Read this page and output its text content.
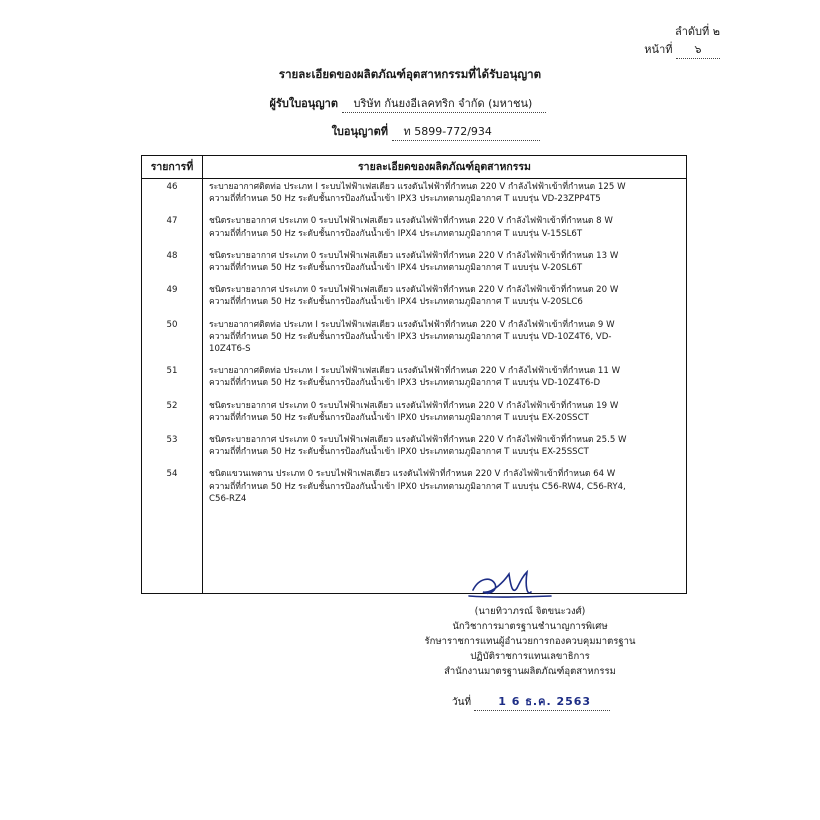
ลำดับที่ ๒
หน้าที่ ๖
รายละเอียดของผลิตภัณฑ์อุตสาหกรรมที่ได้รับอนุญาต
ผู้รับใบอนุญาต บริษัท กันยงอีเลคทริก จำกัด (มหาชน)
ใบอนุญาตที่ ท 5899-772/934
รายการที่	รายละเอียดของผลิตภัณฑ์อุตสาหกรรม
46	ระบายอากาศติดท่อ ประเภท I ระบบไฟฟ้าเฟสเดียว แรงดันไฟฟ้าที่กำหนด 220 V กำลังไฟฟ้าเข้าที่กำหนด 125 W
ความถี่ที่กำหนด 50 Hz ระดับชั้นการป้องกันน้ำเข้า IPX3 ประเภทตามภูมิอากาศ T แบบรุ่น VD-23ZPP4T5

47	ชนิดระบายอากาศ ประเภท 0 ระบบไฟฟ้าเฟสเดียว แรงดันไฟฟ้าที่กำหนด 220 V กำลังไฟฟ้าเข้าที่กำหนด 8 W
ความถี่ที่กำหนด 50 Hz ระดับชั้นการป้องกันน้ำเข้า IPX4 ประเภทตามภูมิอากาศ T แบบรุ่น V-15SL6T

48	ชนิดระบายอากาศ ประเภท 0 ระบบไฟฟ้าเฟสเดียว แรงดันไฟฟ้าที่กำหนด 220 V กำลังไฟฟ้าเข้าที่กำหนด 13 W
ความถี่ที่กำหนด 50 Hz ระดับชั้นการป้องกันน้ำเข้า IPX4 ประเภทตามภูมิอากาศ T แบบรุ่น V-20SL6T

49	ชนิดระบายอากาศ ประเภท 0 ระบบไฟฟ้าเฟสเดียว แรงดันไฟฟ้าที่กำหนด 220 V กำลังไฟฟ้าเข้าที่กำหนด 20 W
ความถี่ที่กำหนด 50 Hz ระดับชั้นการป้องกันน้ำเข้า IPX4 ประเภทตามภูมิอากาศ T แบบรุ่น V-20SLC6

50	ระบายอากาศติดท่อ ประเภท I ระบบไฟฟ้าเฟสเดียว แรงดันไฟฟ้าที่กำหนด 220 V กำลังไฟฟ้าเข้าที่กำหนด 9 W
ความถี่ที่กำหนด 50 Hz ระดับชั้นการป้องกันน้ำเข้า IPX3 ประเภทตามภูมิอากาศ T แบบรุ่น VD-10Z4T6, VD-
10Z4T6-S

51	ระบายอากาศติดท่อ ประเภท I ระบบไฟฟ้าเฟสเดียว แรงดันไฟฟ้าที่กำหนด 220 V กำลังไฟฟ้าเข้าที่กำหนด 11 W
ความถี่ที่กำหนด 50 Hz ระดับชั้นการป้องกันน้ำเข้า IPX3 ประเภทตามภูมิอากาศ T แบบรุ่น VD-10Z4T6-D

52	ชนิดระบายอากาศ ประเภท 0 ระบบไฟฟ้าเฟสเดียว แรงดันไฟฟ้าที่กำหนด 220 V กำลังไฟฟ้าเข้าที่กำหนด 19 W
ความถี่ที่กำหนด 50 Hz ระดับชั้นการป้องกันน้ำเข้า IPX0 ประเภทตามภูมิอากาศ T แบบรุ่น EX-20SSCT

53	ชนิดระบายอากาศ ประเภท 0 ระบบไฟฟ้าเฟสเดียว แรงดันไฟฟ้าที่กำหนด 220 V กำลังไฟฟ้าเข้าที่กำหนด 25.5 W
ความถี่ที่กำหนด 50 Hz ระดับชั้นการป้องกันน้ำเข้า IPX0 ประเภทตามภูมิอากาศ T แบบรุ่น EX-25SSCT

54	ชนิดแขวนเพดาน ประเภท 0 ระบบไฟฟ้าเฟสเดียว แรงดันไฟฟ้าที่กำหนด 220 V กำลังไฟฟ้าเข้าที่กำหนด 64 W
ความถี่ที่กำหนด 50 Hz ระดับชั้นการป้องกันน้ำเข้า IPX0 ประเภทตามภูมิอากาศ T แบบรุ่น C56-RW4, C56-RY4,
C56-RZ4

(นายทิวาภรณ์ จิตขนะวงศ์)
นักวิชาการมาตรฐานชำนาญการพิเศษ
รักษาราชการแทนผู้อำนวยการกองควบคุมมาตรฐาน
ปฏิบัติราชการแทนเลขาธิการ
สำนักงานมาตรฐานผลิตภัณฑ์อุตสาหกรรม
วันที่ 1 6 ธ.ค. 2563
